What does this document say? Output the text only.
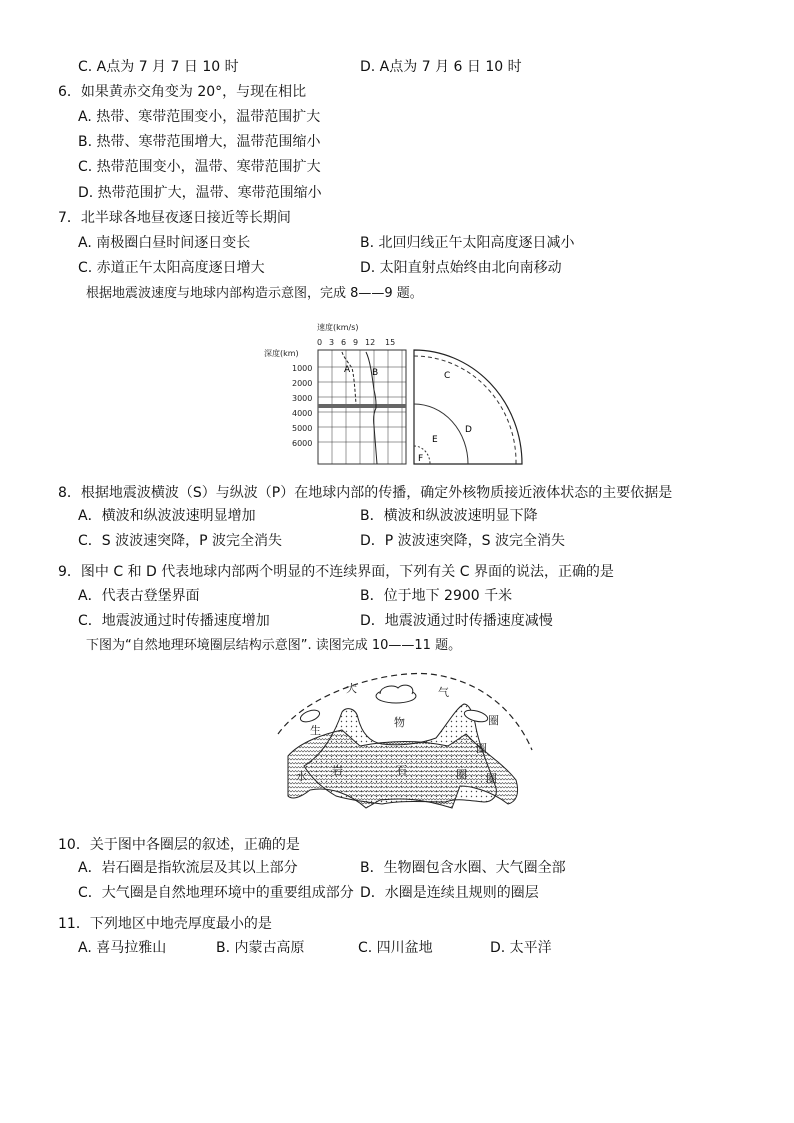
C. A点为 7 月 7 日 10 时	D. A点为 7 月 6 日 10 时
6．如果黄赤交角变为 20°，与现在相比
A. 热带、寒带范围变小，温带范围扩大
B. 热带、寒带范围增大，温带范围缩小
C. 热带范围变小，温带、寒带范围扩大
D. 热带范围扩大，温带、寒带范围缩小
7．北半球各地昼夜逐日接近等长期间
A. 南极圈白昼时间逐日变长	B. 北回归线正午太阳高度逐日减小
C. 赤道正午太阳高度逐日增大	D. 太阳直射点始终由北向南移动
根据地震波速度与地球内部构造示意图，完成 8——9 题。
速度(km/s)
0 3 6 9 12 15
深度(km)
1000
2000
3000
4000
5000
6000
A B	C
D
E
F
8．根据地震波横波（S）与纵波（P）在地球内部的传播，确定外核物质接近液体状态的主要依据是
A．横波和纵波波速明显增加	B．横波和纵波波速明显下降
C．S 波波速突降，P 波完全消失	D．P 波波速突降，S 波完全消失
9．图中 C 和 D 代表地球内部两个明显的不连续界面，下列有关 C 界面的说法，正确的是
A．代表古登堡界面	B．位于地下 2900 千米
C．地震波通过时传播速度增加	D．地震波通过时传播速度减慢
下图为“自然地理环境圈层结构示意图”. 读图完成 10——11 题。
大	气
生
物	圈
圈
水 岩	石	圈 圈
10．关于图中各圈层的叙述，正确的是
A．岩石圈是指软流层及其以上部分	B．生物圈包含水圈、大气圈全部
C．大气圈是自然地理环境中的重要组成部分 D．水圈是连续且规则的圈层
11．下列地区中地壳厚度最小的是
A. 喜马拉雅山	B. 内蒙古高原	C. 四川盆地	D. 太平洋
